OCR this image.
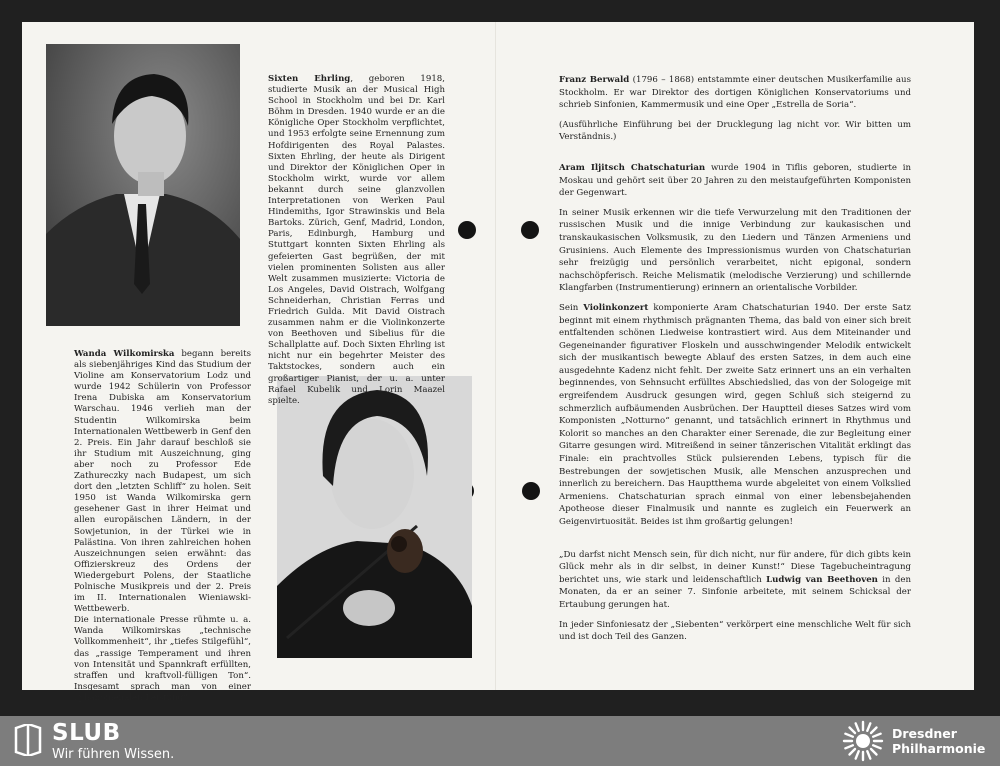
Sixten Ehrling, geboren 1918, studierte Musik an der Musical High School in Stockholm und bei Dr. Karl Böhm in Dresden. 1940 wurde er an die Königliche Oper Stockholm verpflichtet, und 1953 erfolgte seine Ernennung zum Hofdirigenten des Royal Palastes. Sixten Ehrling, der heute als Dirigent und Direktor der Königlichen Oper in Stockholm wirkt, wurde vor allem bekannt durch seine glanzvollen Interpretationen von Werken Paul Hindemiths, Igor Strawinskis und Bela Bartoks. Zürich, Genf, Madrid, London, Paris, Edinburgh, Hamburg und Stuttgart konnten Sixten Ehrling als gefeierten Gast begrüßen, der mit vielen prominenten Solisten aus aller Welt zusammen musizierte: Victoria de Los Angeles, David Oistrach, Wolfgang Schneiderhan, Christian Ferras und Friedrich Gulda. Mit David Oistrach zusammen nahm er die Violinkonzerte von Beethoven und Sibelius für die Schallplatte auf. Doch Sixten Ehrling ist nicht nur ein begehrter Meister des Taktstockes, sondern auch ein großartiger Pianist, der u. a. unter Rafael Kubelik und Lorin Maazel spielte.

Wanda Wilkomirska begann bereits als siebenjähriges Kind das Studium der Violine am Konservatorium Lodz und wurde 1942 Schülerin von Professor Irena Dubiska am Konservatorium Warschau. 1946 verlieh man der Studentin Wilkomirska beim Internationalen Wettbewerb in Genf den 2. Preis. Ein Jahr darauf beschloß sie ihr Studium mit Auszeichnung, ging aber noch zu Professor Ede Zathureczky nach Budapest, um sich dort den „letzten Schliff“ zu holen. Seit 1950 ist Wanda Wilkomirska gern gesehener Gast in ihrer Heimat und allen europäischen Ländern, in der Sowjetunion, in der Türkei wie in Palästina. Von ihren zahlreichen hohen Auszeichnungen seien erwähnt: das Offizierskreuz des Ordens der Wiedergeburt Polens, der Staatliche Polnische Musikpreis und der 2. Preis im II. Internationalen Wieniawski-Wettbewerb.

Die internationale Presse rühmte u. a. Wanda Wilkomirskas „technische Vollkommenheit“, ihr „tiefes Stilgefühl“, das „rassige Temperament und ihren von Intensität und Spannkraft erfüllten, straffen und kraftvoll-fülligen Ton“. Insgesamt sprach man von einer „phänomenalen Leistung“.

Franz Berwald (1796 – 1868) entstammte einer deutschen Musikerfamilie aus Stockholm. Er war Direktor des dortigen Königlichen Konservatoriums und schrieb Sinfonien, Kammermusik und eine Oper „Estrella de Soria“.

(Ausführliche Einführung bei der Drucklegung lag nicht vor. Wir bitten um Verständnis.)

Aram Iljitsch Chatschaturian wurde 1904 in Tiflis geboren, studierte in Moskau und gehört seit über 20 Jahren zu den meistaufgeführten Komponisten der Gegenwart.

In seiner Musik erkennen wir die tiefe Verwurzelung mit den Traditionen der russischen Musik und die innige Verbindung zur kaukasischen und transkaukasischen Volksmusik, zu den Liedern und Tänzen Armeniens und Grusiniens. Auch Elemente des Impressionismus wurden von Chatschaturian sehr freizügig und persönlich verarbeitet, nicht epigonal, sondern nachschöpferisch. Reiche Melismatik (melodische Verzierung) und schillernde Klangfarben (Instrumentierung) erinnern an orientalische Vorbilder.

Sein Violinkonzert komponierte Aram Chatschaturian 1940. Der erste Satz beginnt mit einem rhythmisch prägnanten Thema, das bald von einer sich breit entfaltenden schönen Liedweise kontrastiert wird. Aus dem Miteinander und Gegeneinander figurativer Floskeln und ausschwingender Melodik entwickelt sich der musikantisch bewegte Ablauf des ersten Satzes, in dem auch eine ausgedehnte Kadenz nicht fehlt. Der zweite Satz erinnert uns an ein verhalten beginnendes, von Sehnsucht erfülltes Abschiedslied, das von der Sologeige mit ergreifendem Ausdruck gesungen wird, gegen Schluß sich steigernd zu schmerzlich aufbäumenden Ausbrüchen. Der Hauptteil dieses Satzes wird vom Komponisten „Notturno“ genannt, und tatsächlich erinnert in Rhythmus und Kolorit so manches an den Charakter einer Serenade, die zur Begleitung einer Gitarre gesungen wird. Mitreißend in seiner tänzerischen Vitalität erklingt das Finale: ein prachtvolles Stück pulsierenden Lebens, typisch für die Bestrebungen der sowjetischen Musik, alle Menschen anzusprechen und innerlich zu bereichern. Das Hauptthema wurde abgeleitet von einem Volkslied Armeniens. Chatschaturian sprach einmal von einer lebensbejahenden Apotheose dieser Finalmusik und nannte es zugleich ein Feuerwerk an Geigenvirtuosität. Beides ist ihm großartig gelungen!

„Du darfst nicht Mensch sein, für dich nicht, nur für andere, für dich gibts kein Glück mehr als in dir selbst, in deiner Kunst!“ Diese Tagebucheintragung berichtet uns, wie stark und leidenschaftlich Ludwig van Beethoven in den Monaten, da er an seiner 7. Sinfonie arbeitete, mit seinem Schicksal der Ertaubung gerungen hat.

In jeder Sinfoniesatz der „Siebenten“ verkörpert eine menschliche Welt für sich und ist doch Teil des Ganzen.

SLUB
Wir führen Wissen.
Dresdner
Philharmonie
